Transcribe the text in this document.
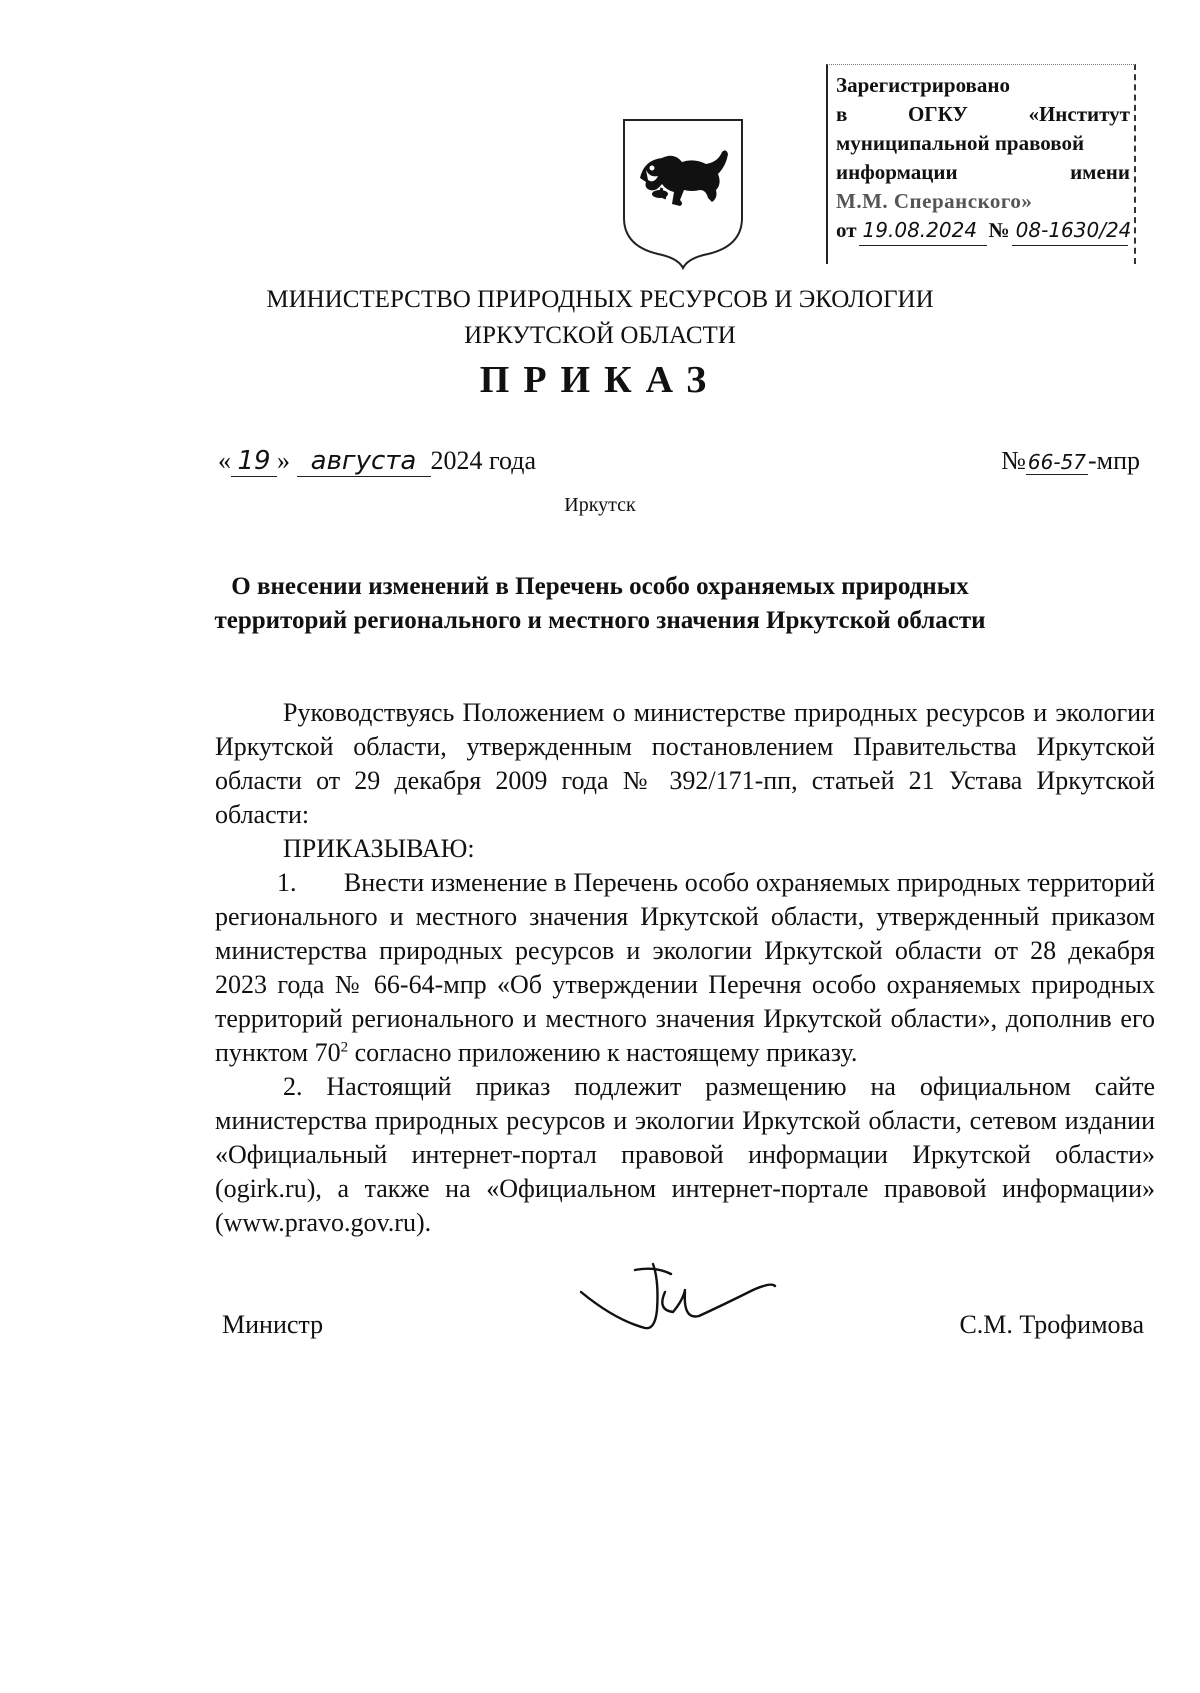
Зарегистрировано
в	ОГКУ	«Институт
муниципальной правовой
информации	имени
М.М. Сперанского»
от 19.08.2024 № 08-1630/24
МИНИСТЕРСТВО ПРИРОДНЫХ РЕСУРСОВ И ЭКОЛОГИИ
ИРКУТСКОЙ ОБЛАСТИ
ПРИКАЗ
« 19 » августа 2024 года	№66-57-мпр
Иркутск
О внесении изменений в Перечень особо охраняемых природных
территорий регионального и местного значения Иркутской области

Руководствуясь Положением о министерстве природных ресурсов и экологии Иркутской области, утвержденным постановлением Правительства Иркутской области от 29 декабря 2009 года № 392/171-пп, статьей 21 Устава Иркутской области:

ПРИКАЗЫВАЮ:

1. Внести изменение в Перечень особо охраняемых природных территорий регионального и местного значения Иркутской области, утвержденный приказом министерства природных ресурсов и экологии Иркутской области от 28 декабря 2023 года № 66-64-мпр «Об утверждении Перечня особо охраняемых природных территорий регионального и местного значения Иркутской области», дополнив его пунктом $70^2$ согласно приложению к настоящему приказу.

2. Настоящий приказ подлежит размещению на официальном сайте министерства природных ресурсов и экологии Иркутской области, сетевом издании «Официальный интернет-портал правовой информации Иркутской области» (ogirk.ru), а также на «Официальном интернет-портале правовой информации» (www.pravo.gov.ru).

Министр	С.М. Трофимова
